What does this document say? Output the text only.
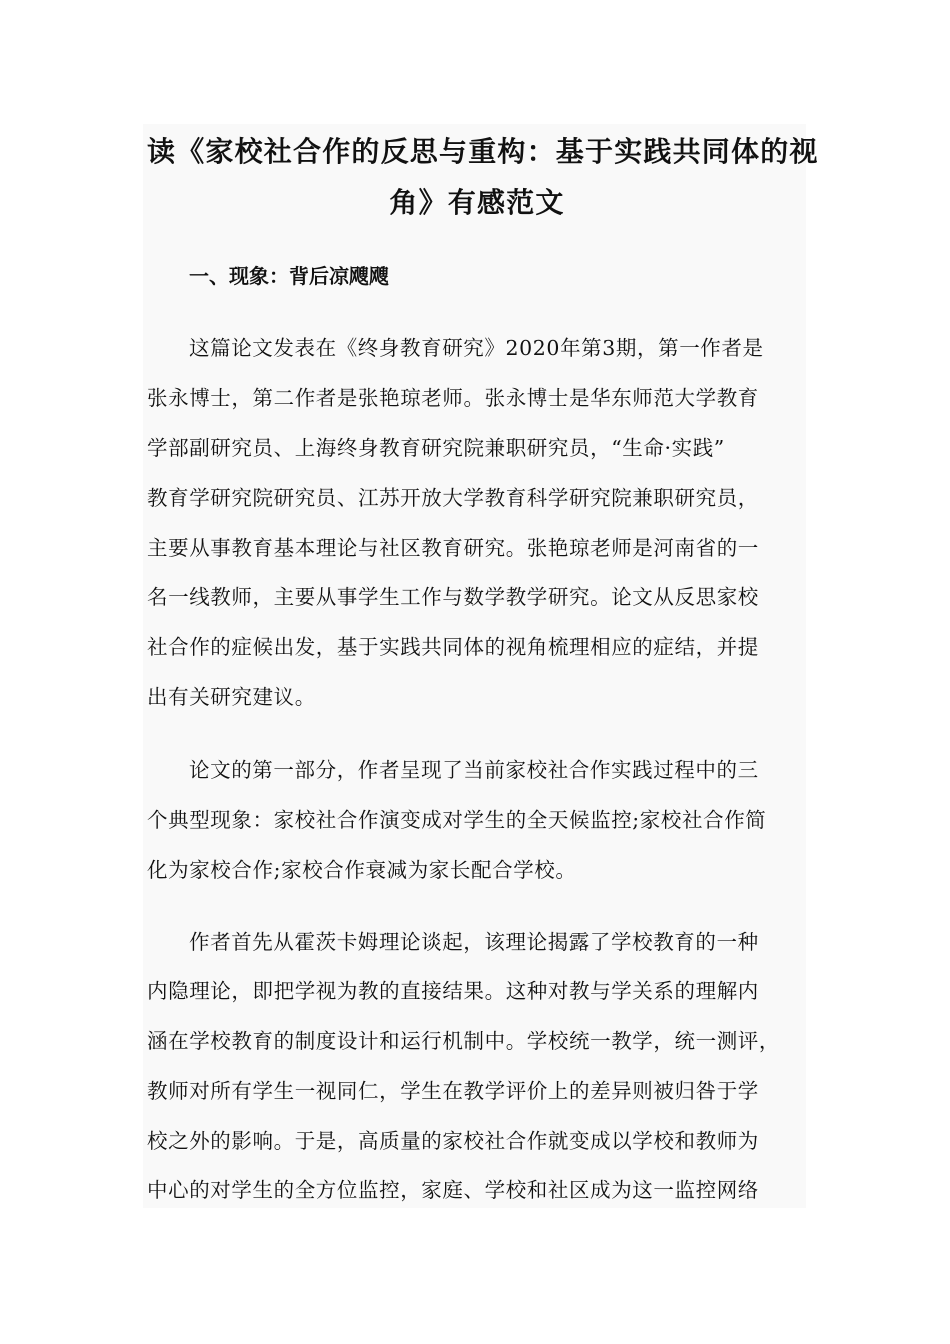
读《家校社合作的反思与重构：基于实践共同体的视
角》有感范文
一、现象：背后凉飕飕
这篇论文发表在《终身教育研究》2020年第3期，第一作者是
张永博士，第二作者是张艳琼老师。张永博士是华东师范大学教育
学部副研究员、上海终身教育研究院兼职研究员，“生命·实践”
教育学研究院研究员、江苏开放大学教育科学研究院兼职研究员，
主要从事教育基本理论与社区教育研究。张艳琼老师是河南省的一
名一线教师，主要从事学生工作与数学教学研究。论文从反思家校
社合作的症候出发，基于实践共同体的视角梳理相应的症结，并提
出有关研究建议。
论文的第一部分，作者呈现了当前家校社合作实践过程中的三
个典型现象：家校社合作演变成对学生的全天候监控;家校社合作简
化为家校合作;家校合作衰减为家长配合学校。
作者首先从霍茨卡姆理论谈起，该理论揭露了学校教育的一种
内隐理论，即把学视为教的直接结果。这种对教与学关系的理解内
涵在学校教育的制度设计和运行机制中。学校统一教学，统一测评，
教师对所有学生一视同仁，学生在教学评价上的差异则被归咎于学
校之外的影响。于是，高质量的家校社合作就变成以学校和教师为
中心的对学生的全方位监控，家庭、学校和社区成为这一监控网络
